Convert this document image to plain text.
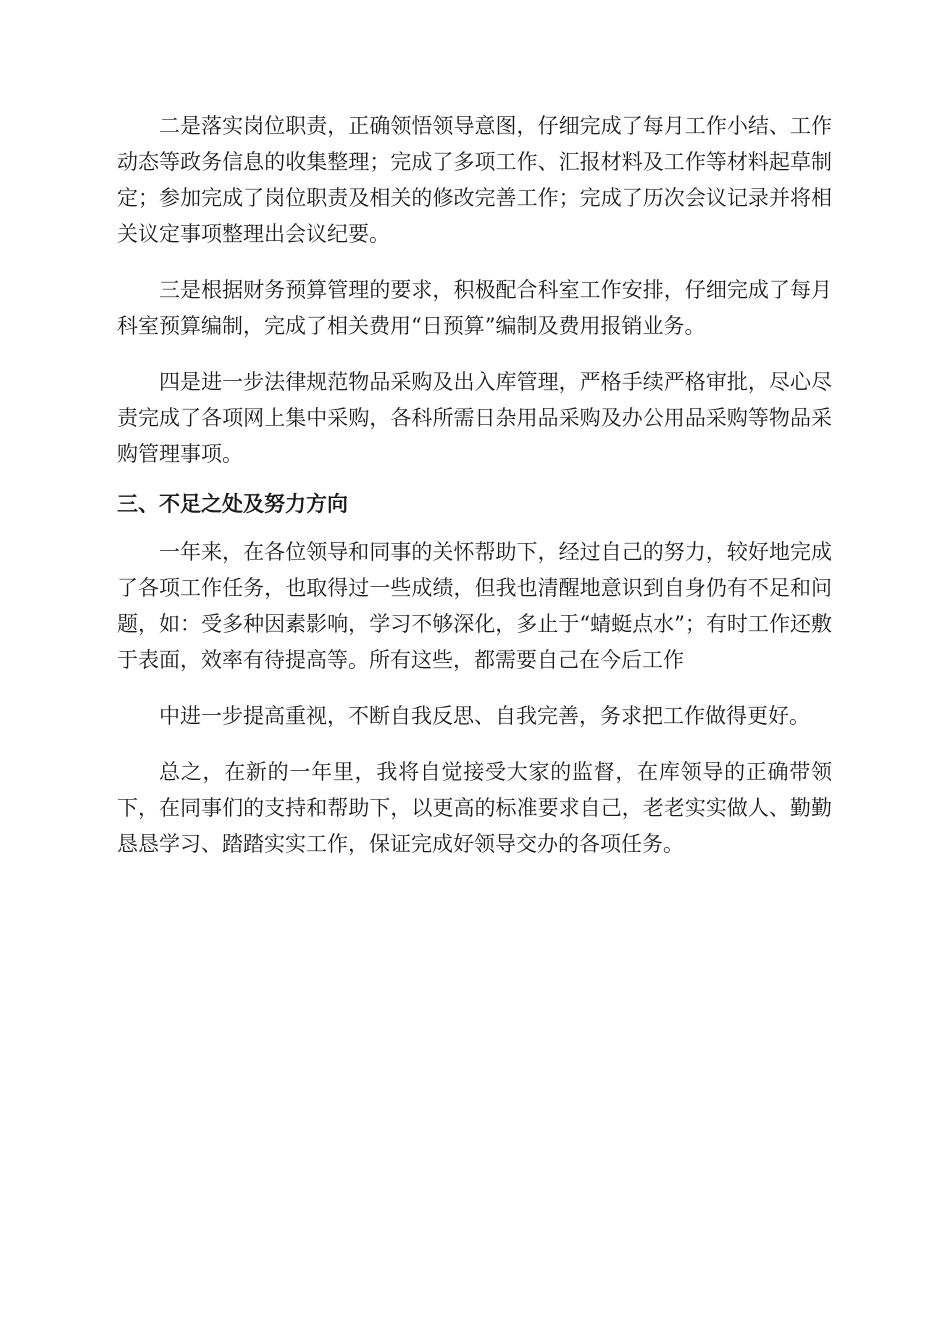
二是落实岗位职责，正确领悟领导意图，仔细完成了每月工作小结、工作动态等政务信息的收集整理；完成了多项工作、汇报材料及工作等材料起草制定；参加完成了岗位职责及相关的修改完善工作；完成了历次会议记录并将相关议定事项整理出会议纪要。

三是根据财务预算管理的要求，积极配合科室工作安排，仔细完成了每月科室预算编制，完成了相关费用“日预算”编制及费用报销业务。

四是进一步法律规范物品采购及出入库管理，严格手续严格审批，尽心尽责完成了各项网上集中采购，各科所需日杂用品采购及办公用品采购等物品采购管理事项。

三、不足之处及努力方向

一年来，在各位领导和同事的关怀帮助下，经过自己的努力，较好地完成了各项工作任务，也取得过一些成绩，但我也清醒地意识到自身仍有不足和问题，如：受多种因素影响，学习不够深化，多止于“蜻蜓点水”；有时工作还敷于表面，效率有待提高等。所有这些，都需要自己在今后工作

中进一步提高重视，不断自我反思、自我完善，务求把工作做得更好。

总之，在新的一年里，我将自觉接受大家的监督，在库领导的正确带领下，在同事们的支持和帮助下，以更高的标准要求自己，老老实实做人、勤勤恳恳学习、踏踏实实工作，保证完成好领导交办的各项任务。
